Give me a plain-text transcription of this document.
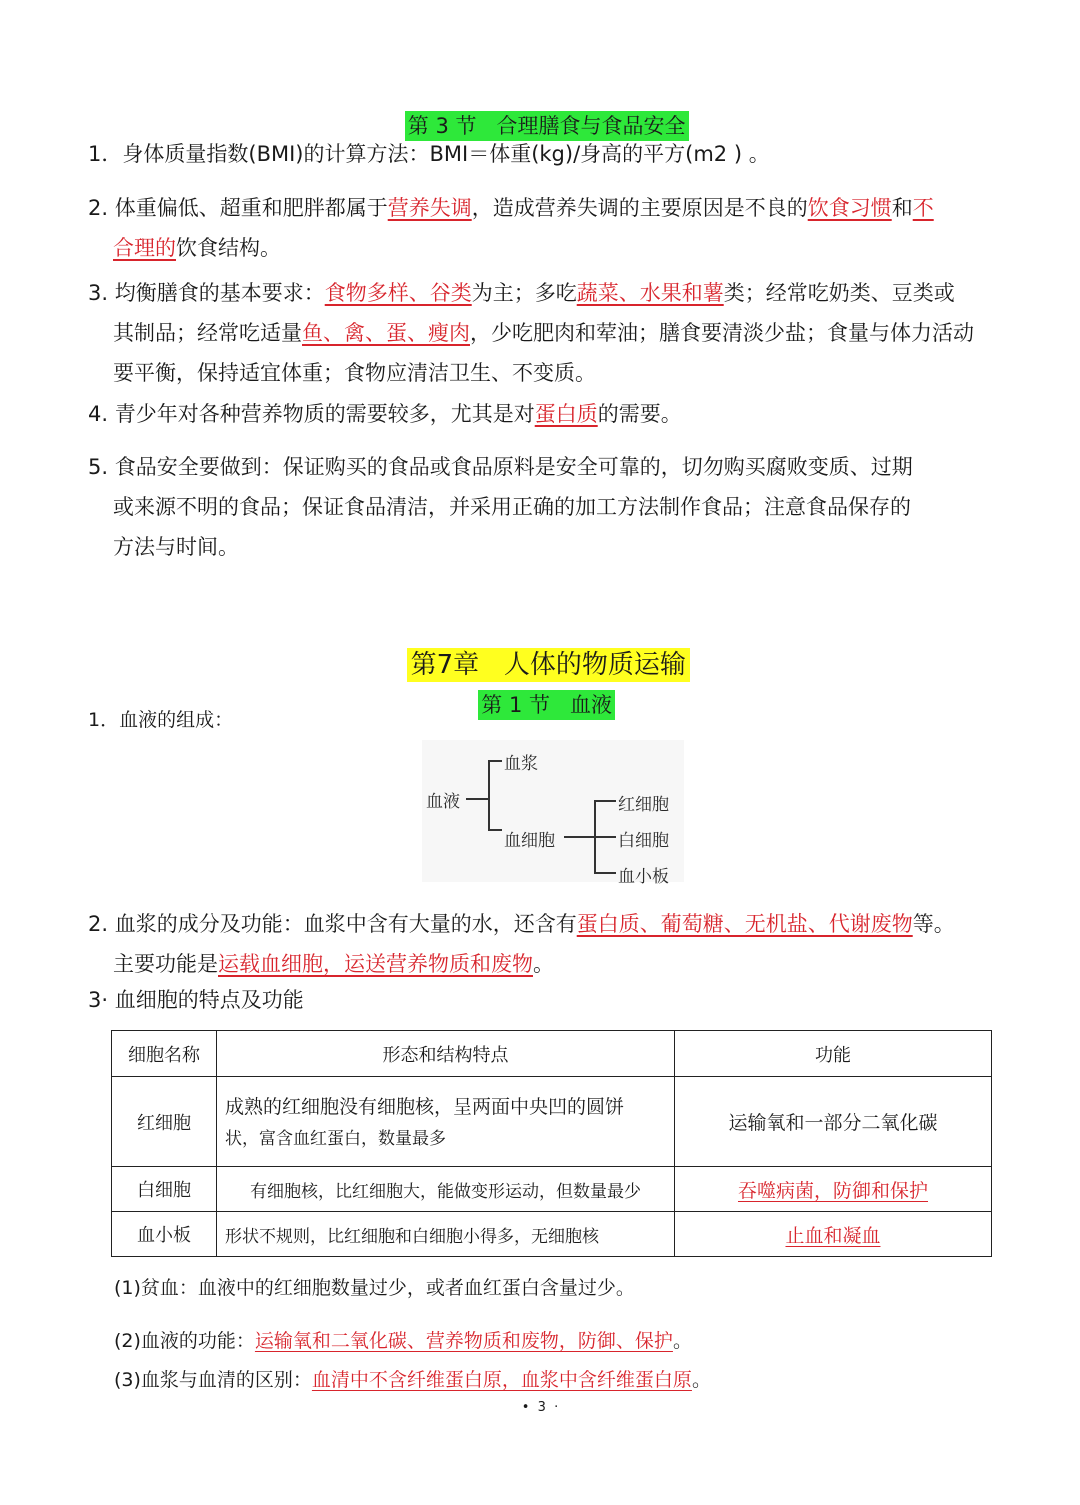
第 3 节   合理膳食与食品安全

1．身体质量指数(BMI)的计算方法：BMI＝体重(kg)/身高的平方(m2 ) 。
2. 体重偏低、超重和肥胖都属于营养失调，造成营养失调的主要原因是不良的饮食习惯和不
合理的饮食结构。
3. 均衡膳食的基本要求：食物多样、谷类为主；多吃蔬菜、水果和薯类；经常吃奶类、豆类或
其制品；经常吃适量鱼、禽、蛋、瘦肉，少吃肥肉和荤油；膳食要清淡少盐；食量与体力活动
要平衡，保持适宜体重；食物应清洁卫生、不变质。
4. 青少年对各种营养物质的需要较多，尤其是对蛋白质的需要。
5. 食品安全要做到：保证购买的食品或食品原料是安全可靠的，切勿购买腐败变质、过期
或来源不明的食品；保证食品清洁，并采用正确的加工方法制作食品；注意食品保存的
方法与时间。

第7章   人体的物质运输

第 1 节   血液

1．血液的组成：
血液
血浆
血细胞
红细胞
白细胞
血小板
2. 血浆的成分及功能：血浆中含有大量的水，还含有蛋白质、葡萄糖、无机盐、代谢废物等。
主要功能是运载血细胞，运送营养物质和废物。
3· 血细胞的特点及功能
细胞名称	形态和结构特点	功能
红细胞	成熟的红细胞没有细胞核，呈两面中央凹的圆饼
状，富含血红蛋白，数量最多	运输氧和一部分二氧化碳
白细胞	有细胞核，比红细胞大，能做变形运动，但数量最少	吞噬病菌，防御和保护
血小板	形状不规则，比红细胞和白细胞小得多，无细胞核	止血和凝血
(1)贫血：血液中的红细胞数量过少，或者血红蛋白含量过少。
(2)血液的功能：运输氧和二氧化碳、营养物质和废物，防御、保护。
(3)血浆与血清的区别：血清中不含纤维蛋白原，血浆中含纤维蛋白原。
•  3  ·
